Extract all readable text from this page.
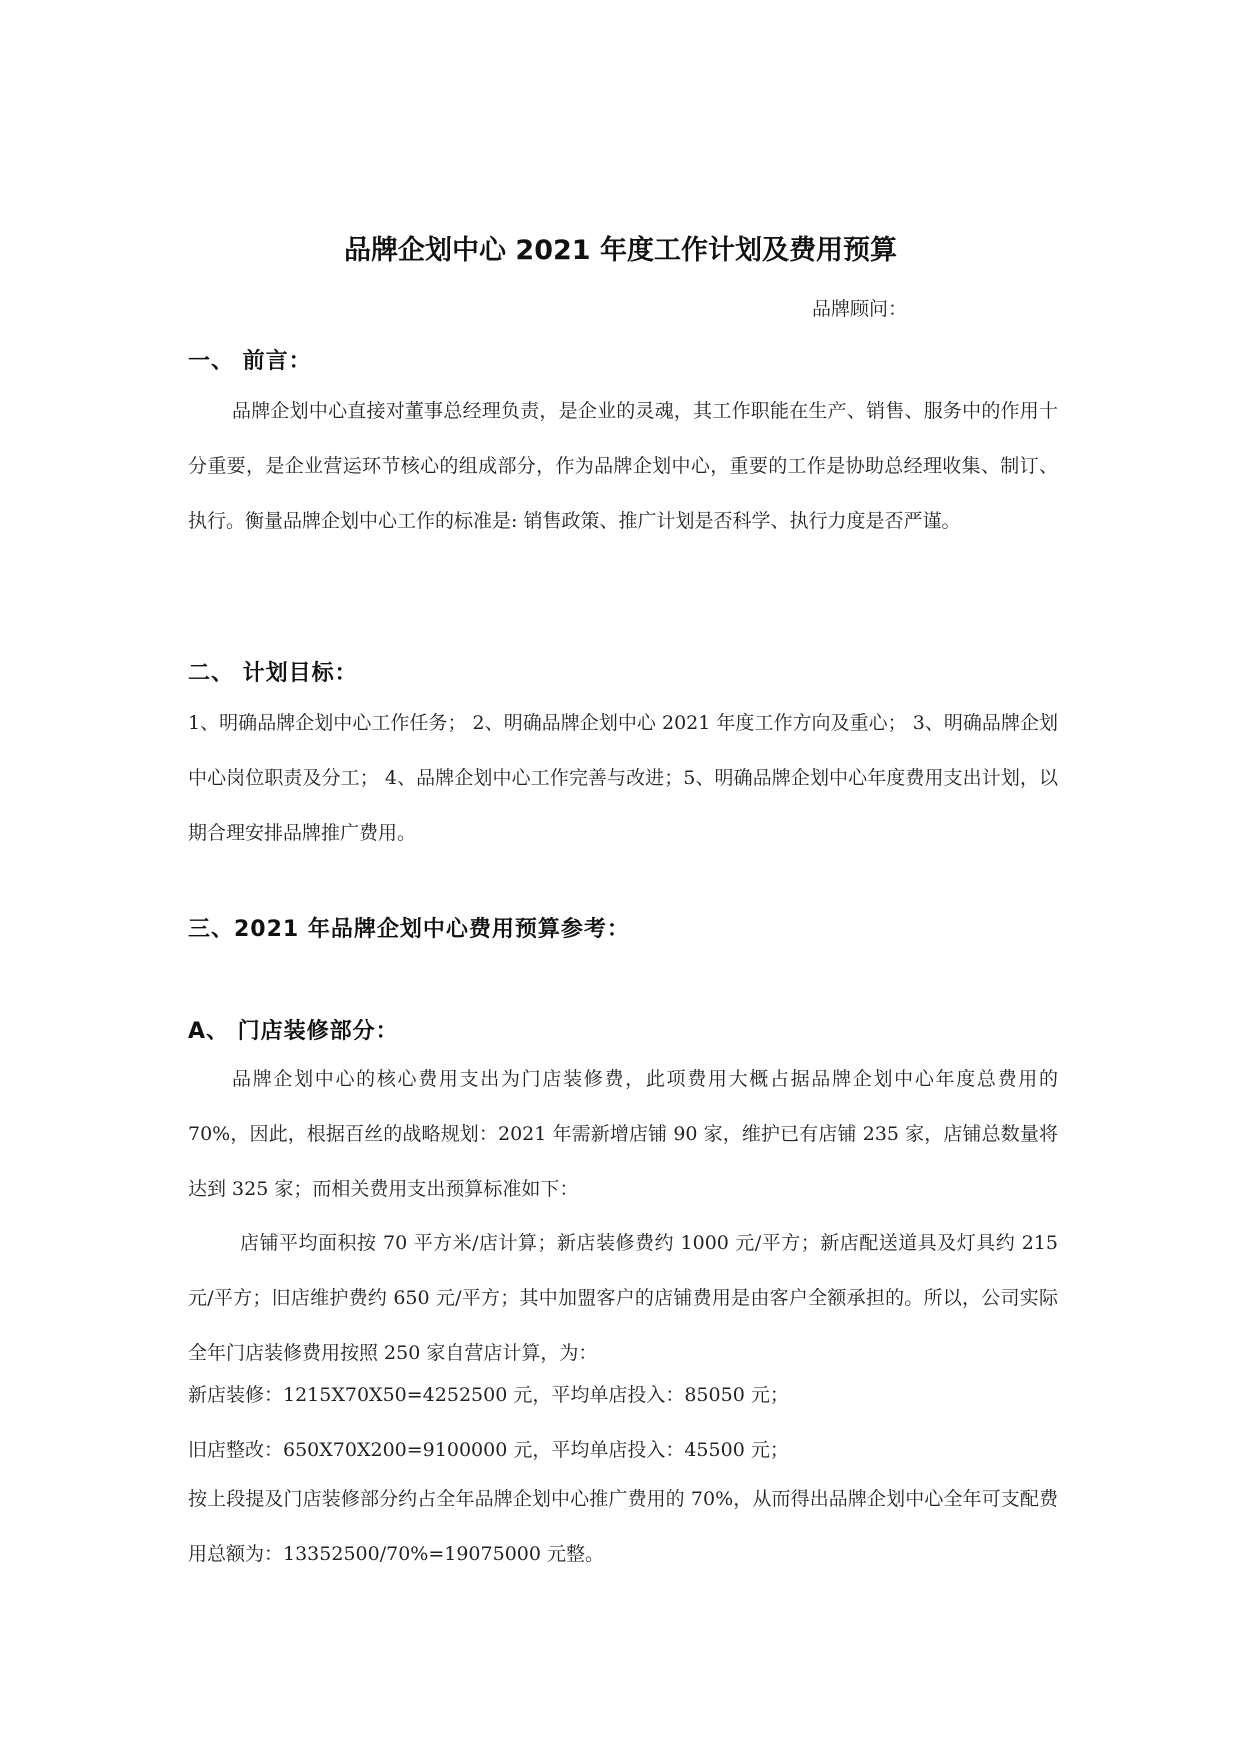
品牌企划中心 2021 年度工作计划及费用预算
品牌顾问：
一、 前言：
品牌企划中心直接对董事总经理负责，是企业的灵魂，其工作职能在生产、销售、服务中的作用十分重要，是企业营运环节核心的组成部分，作为品牌企划中心，重要的工作是协助总经理收集、制订、执行。衡量品牌企划中心工作的标准是: 销售政策、推广计划是否科学、执行力度是否严谨。
二、 计划目标：
1、明确品牌企划中心工作任务； 2、明确品牌企划中心 2021 年度工作方向及重心； 3、明确品牌企划中心岗位职责及分工； 4、品牌企划中心工作完善与改进；5、明确品牌企划中心年度费用支出计划，以期合理安排品牌推广费用。
三、2021 年品牌企划中心费用预算参考：
A、 门店装修部分：
品牌企划中心的核心费用支出为门店装修费，此项费用大概占据品牌企划中心年度总费用的 70%，因此，根据百丝的战略规划：2021 年需新增店铺 90 家，维护已有店铺 235 家，店铺总数量将达到 325 家；而相关费用支出预算标准如下：
店铺平均面积按 70 平方米/店计算；新店装修费约 1000 元/平方；新店配送道具及灯具约 215 元/平方；旧店维护费约 650 元/平方；其中加盟客户的店铺费用是由客户全额承担的。所以，公司实际全年门店装修费用按照 250 家自营店计算，为：
新店装修：1215X70X50=4252500 元，平均单店投入：85050 元；
旧店整改：650X70X200=9100000 元，平均单店投入：45500 元；
按上段提及门店装修部分约占全年品牌企划中心推广费用的 70%，从而得出品牌企划中心全年可支配费用总额为：13352500/70%=19075000 元整。
